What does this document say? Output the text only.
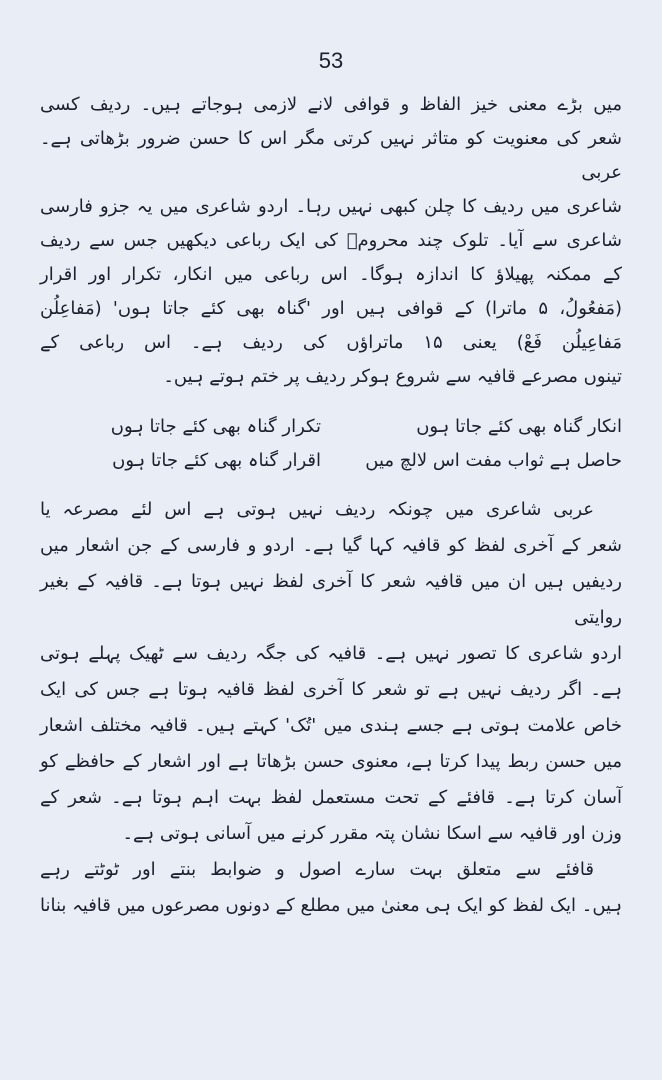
53
میں بڑے معنی خیز الفاظ و قوافی لانے لازمی ہوجاتے ہیں۔ ردیف کسی
شعر کی معنویت کو متاثر نہیں کرتی مگر اس کا حسن ضرور بڑھاتی ہے۔ عربی
شاعری میں ردیف کا چلن کبھی نہیں رہا۔ اردو شاعری میں یہ جزو فارسی
شاعری سے آیا۔ تلوک چند محرومؔ کی ایک رباعی دیکھیں جس سے ردیف
کے ممکنہ پھیلاؤ کا اندازہ ہوگا۔ اس رباعی میں انکار، تکرار اور اقرار
(مَفعُولُ، ۵ ماترا) کے قوافی ہیں اور 'گناہ بھی کئے جاتا ہوں' (مَفاعِلُن
مَفاعِیلُن فَعْ) یعنی ۱۵ ماتراؤں کی ردیف ہے۔ اس رباعی کے
تینوں مصرعے قافیہ سے شروع ہوکر ردیف پر ختم ہوتے ہیں۔
انکار گناہ بھی کئے جاتا ہوں
تکرار گناہ بھی کئے جاتا ہوں
حاصل ہے ثواب مفت اس لالچ میں
اقرار گناہ بھی کئے جاتا ہوں
عربی شاعری میں چونکہ ردیف نہیں ہوتی ہے اس لئے مصرعہ یا
شعر کے آخری لفظ کو قافیہ کہا گیا ہے۔ اردو و فارسی کے جن اشعار میں
ردیفیں ہیں ان میں قافیہ شعر کا آخری لفظ نہیں ہوتا ہے۔ قافیہ کے بغیر روایتی
اردو شاعری کا تصور نہیں ہے۔ قافیہ کی جگہ ردیف سے ٹھیک پہلے ہوتی
ہے۔ اگر ردیف نہیں ہے تو شعر کا آخری لفظ قافیہ ہوتا ہے جس کی ایک
خاص علامت ہوتی ہے جسے ہندی میں 'تُک' کہتے ہیں۔ قافیہ مختلف اشعار
میں حسن ربط پیدا کرتا ہے، معنوی حسن بڑھاتا ہے اور اشعار کے حافظے کو
آسان کرتا ہے۔ قافئے کے تحت مستعمل لفظ بہت اہم ہوتا ہے۔ شعر کے
وزن اور قافیہ سے اسکا نشان پتہ مقرر کرنے میں آسانی ہوتی ہے۔
قافئے سے متعلق بہت سارے اصول و ضوابط بنتے اور ٹوٹتے رہے
ہیں۔ ایک لفظ کو ایک ہی معنیٰ میں مطلع کے دونوں مصرعوں میں قافیہ بنانا
